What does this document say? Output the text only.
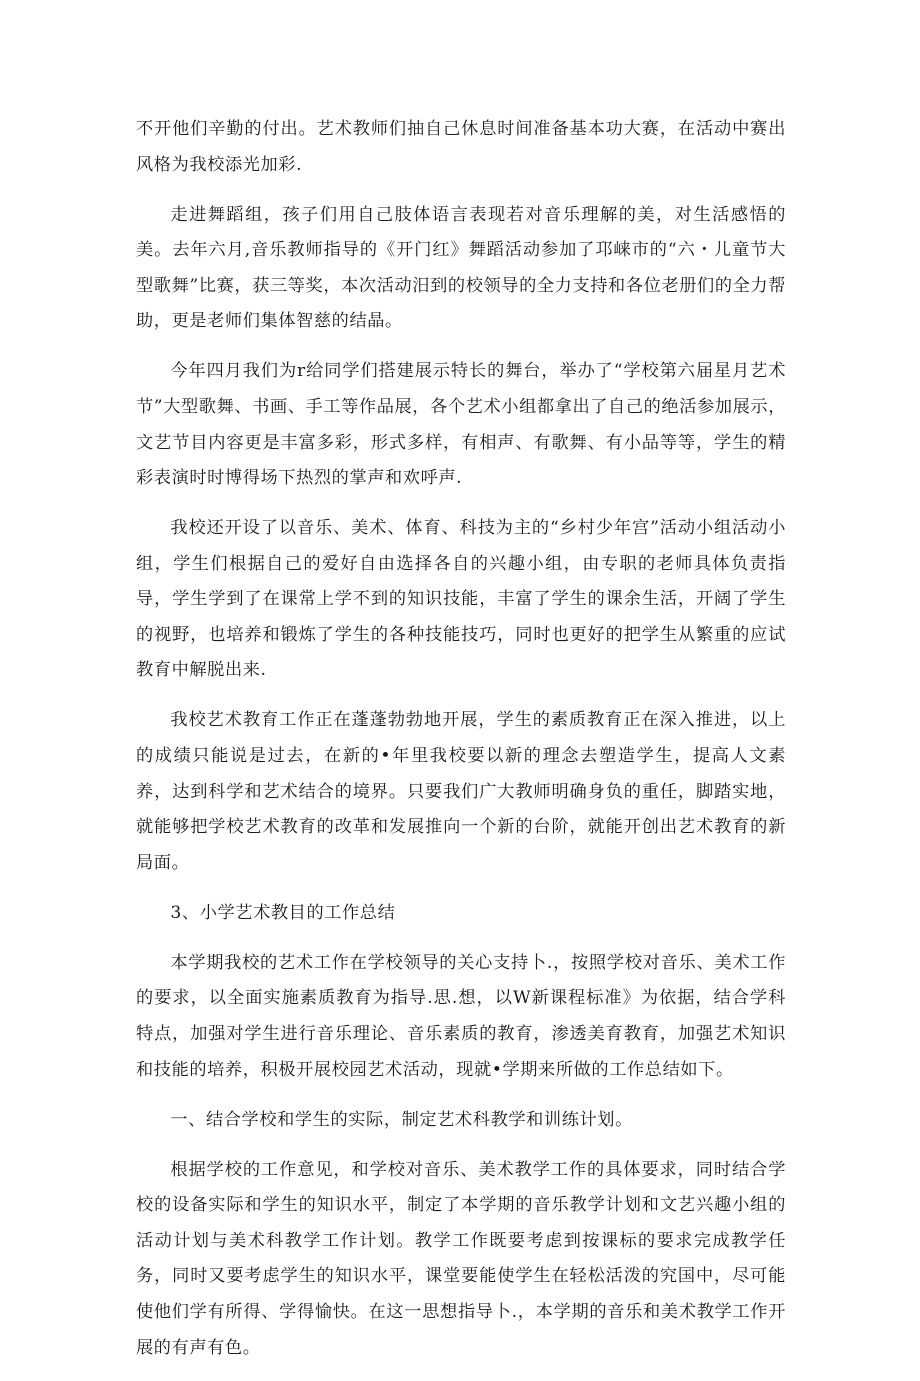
不开他们辛勤的付出。艺术教师们抽自己休息时间准备基本功大赛，在活动中赛出风格为我校添光加彩.

走进舞蹈组，孩子们用自己肢体语言表现若对音乐理解的美，对生活感悟的美。去年六月,音乐教师指导的《开门红》舞蹈活动参加了邛崃市的“六・儿童节大型歌舞”比赛，获三等奖，本次活动汨到的校领导的全力支持和各位老册们的全力帮助，更是老师们集体智慈的结晶。

今年四月我们为r给同学们搭建展示特长的舞台，举办了“学校第六届星月艺术节”大型歌舞、书画、手工等作品展，各个艺术小组都拿出了自己的绝活参加展示，文艺节目内容更是丰富多彩，形式多样，有相声、有歌舞、有小品等等，学生的精彩表演时时博得场下热烈的掌声和欢呼声.

我校还开设了以音乐、美术、体育、科技为主的“乡村少年宫”活动小组活动小组，学生们根据自己的爱好自由选择各自的兴趣小组，由专职的老师具体负责指导，学生学到了在课常上学不到的知识技能，丰富了学生的课余生活，开阔了学生的视野，也培养和锻炼了学生的各种技能技巧，同时也更好的把学生从繁重的应试教育中解脱出来.

我校艺术教育工作正在蓬蓬勃勃地开展，学生的素质教育正在深入推进，以上的成绩只能说是过去，在新的•年里我校要以新的理念去塑造学生，提高人文素养，达到科学和艺术结合的境界。只要我们广大教师明确身负的重任，脚踏实地，就能够把学校艺术教育的改革和发展推向一个新的台阶，就能开创出艺术教育的新局面。

3、小学艺术教目的工作总结

本学期我校的艺术工作在学校领导的关心支持卜.，按照学校对音乐、美术工作的要求，以全面实施素质教育为指导.思.想，以W新课程标准》为依据，结合学科特点，加强对学生进行音乐理论、音乐素质的教育，渗透美育教育，加强艺术知识和技能的培养，积极开展校园艺术活动，现就•学期来所做的工作总结如下。

一、结合学校和学生的实际，制定艺术科教学和训练计划。

根据学校的工作意见，和学校对音乐、美术教学工作的具体要求，同时结合学校的设备实际和学生的知识水平，制定了本学期的音乐教学计划和文艺兴趣小组的活动计划与美术科教学工作计划。教学工作既要考虑到按课标的要求完成教学任务，同时又要考虑学生的知识水平，课堂要能使学生在轻松活泼的究国中，尽可能使他们学有所得、学得愉快。在这一思想指导卜.，本学期的音乐和美术教学工作开展的有声有色。
